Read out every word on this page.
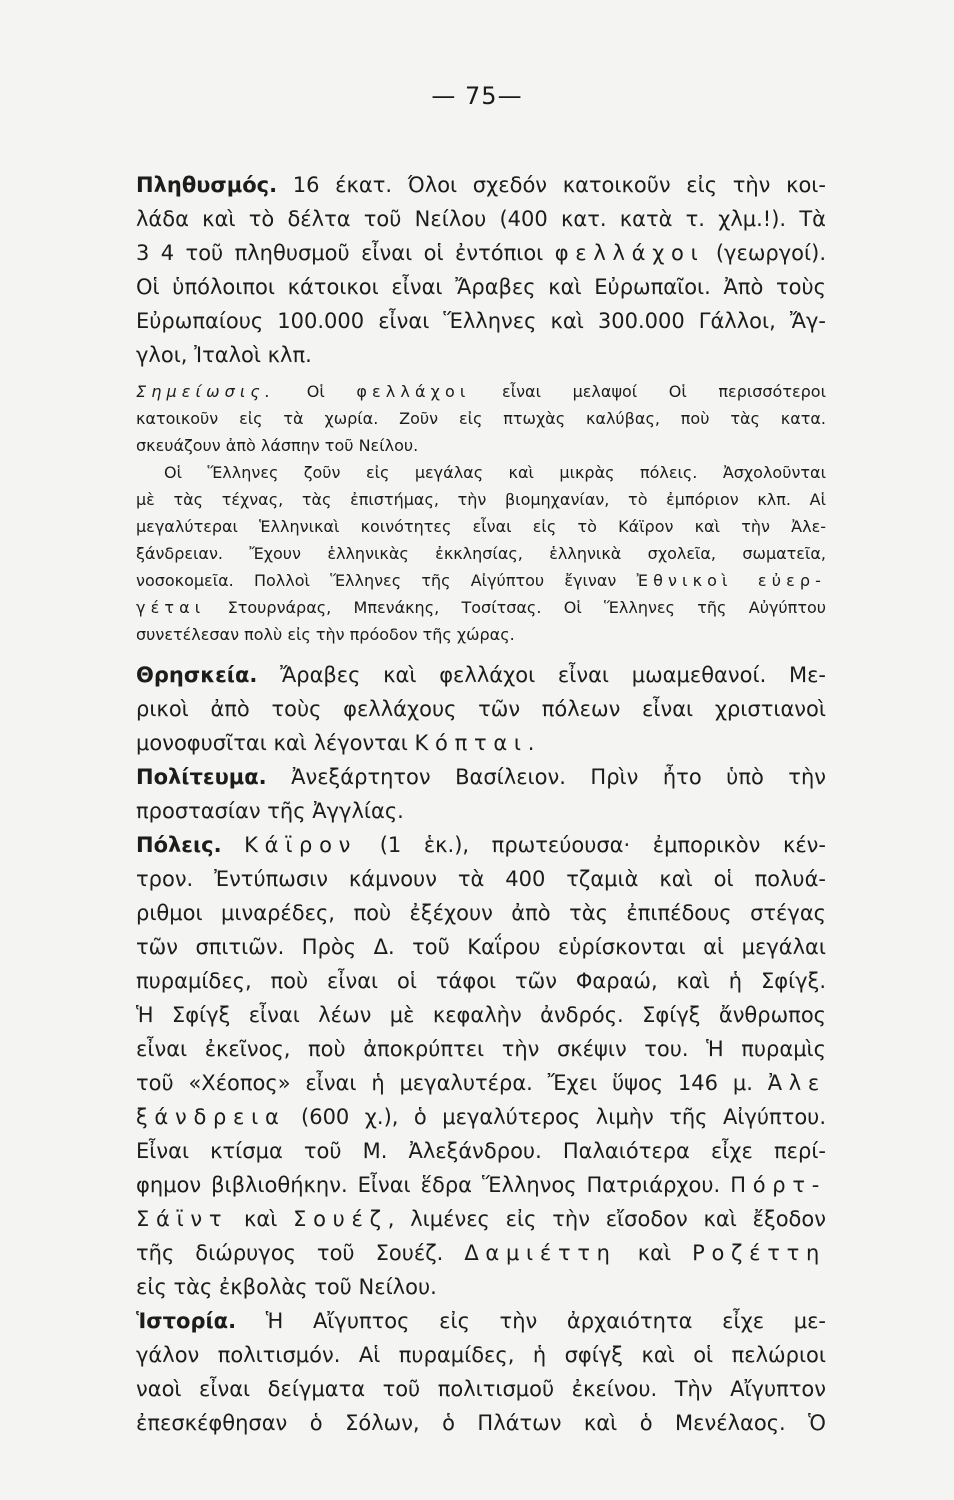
— 75—
Πληθυσμός. 16 έκατ. Όλοι σχεδόν κατοικοῦν εἰς τὴν κοι-
λάδα καὶ τὸ δέλτα τοῦ Νείλου (400 κατ. κατὰ τ. χλμ.!). Τὰ
3 4 τοῦ πληθυσμοῦ εἶναι οἱ ἐντόπιοι φελλάχοι (γεωργοί).
Οἱ ὑπόλοιποι κάτοικοι εἶναι Ἄραβες καὶ Εὐρωπαῖοι. Ἀπὸ τοὺς
Εὐρωπαίους 100.000 εἶναι Ἕλληνες καὶ 300.000 Γάλλοι, Ἄγ-
γλοι, Ἰταλοὶ κλπ.
Σημείωσις. Οἱ φελλάχοι εἶναι μελαψοί Οἱ περισσότεροι
κατοικοῦν εἰς τὰ χωρία. Ζοῦν εἰς πτωχὰς καλύβας, ποὺ τὰς κατα.
σκευάζουν ἀπὸ λάσπην τοῦ Νείλου.
Οἱ Ἕλληνες ζοῦν εἰς μεγάλας καὶ μικρὰς πόλεις. Ἀσχολοῦνται
μὲ τὰς τέχνας, τὰς ἐπιστήμας, τὴν βιομηχανίαν, τὸ ἐμπόριον κλπ. Αἱ
μεγαλύτεραι Ἑλληνικαὶ κοινότητες εἶναι εἰς τὸ Κάϊρον καὶ τὴν Ἀλε-
ξάνδρειαν. Ἔχουν ἑλληνικὰς ἐκκλησίας, ἑλληνικὰ σχολεῖα, σωματεῖα,
νοσοκομεῖα. Πολλοὶ Ἕλληνες τῆς Αἰγύπτου ἔγιναν Ἐθνικοὶ εὐερ-
γέται Στουρνάρας, Μπενάκης, Τοσίτσας. Οἱ Ἕλληνες τῆς Αὐγύπτου
συνετέλεσαν πολὺ εἰς τὴν πρόοδον τῆς χώρας.
Θρησκεία. Ἄραβες καὶ φελλάχοι εἶναι μωαμεθανοί. Με-
ρικοὶ ἀπὸ τοὺς φελλάχους τῶν πόλεων εἶναι χριστιανοὶ
μονοφυσῖται καὶ λέγονται Κόπται.
Πολίτευμα. Ἀνεξάρτητον Βασίλειον. Πρὶν ἦτο ὑπὸ τὴν
προστασίαν τῆς Ἀγγλίας.
Πόλεις. Κάϊρον (1 ἑκ.), πρωτεύουσα· ἐμπορικὸν κέν-
τρον. Ἐντύπωσιν κάμνουν τὰ 400 τζαμιὰ καὶ οἱ πολυά-
ριθμοι μιναρέδες, ποὺ ἐξέχουν ἀπὸ τὰς ἐπιπέδους στέγας
τῶν σπιτιῶν. Πρὸς Δ. τοῦ Καΐρου εὑρίσκονται αἱ μεγάλαι
πυραμίδες, ποὺ εἶναι οἱ τάφοι τῶν Φαραώ, καὶ ἡ Σφίγξ.
Ἡ Σφίγξ εἶναι λέων μὲ κεφαλὴν ἀνδρός. Σφίγξ ἄνθρωπος
εἶναι ἐκεῖνος, ποὺ ἀποκρύπτει τὴν σκέψιν του. Ἡ πυραμὶς
τοῦ «Χέοπος» εἶναι ἡ μεγαλυτέρα. Ἔχει ὕψος 146 μ. Ἀλε
ξάνδρεια (600 χ.), ὁ μεγαλύτερος λιμὴν τῆς Αἰγύπτου.
Εἶναι κτίσμα τοῦ Μ. Ἀλεξάνδρου. Παλαιότερα εἶχε περί-
φημον βιβλιοθήκην. Εἶναι ἕδρα Ἕλληνος Πατριάρχου. Πόρτ-
Σάϊντ καὶ Σουέζ, λιμένες εἰς τὴν εἴσοδον καὶ ἔξοδον
τῆς διώρυγος τοῦ Σουέζ. Δαμιέττη καὶ Ροζέττη
εἰς τὰς ἐκβολὰς τοῦ Νείλου.
Ἱστορία. Ἡ Αἴγυπτος εἰς τὴν ἀρχαιότητα εἶχε με-
γάλον πολιτισμόν. Αἱ πυραμίδες, ἡ σφίγξ καὶ οἱ πελώριοι
ναοὶ εἶναι δείγματα τοῦ πολιτισμοῦ ἐκείνου. Τὴν Αἴγυπτον
ἐπεσκέφθησαν ὁ Σόλων, ὁ Πλάτων καὶ ὁ Μενέλαος. Ὁ
